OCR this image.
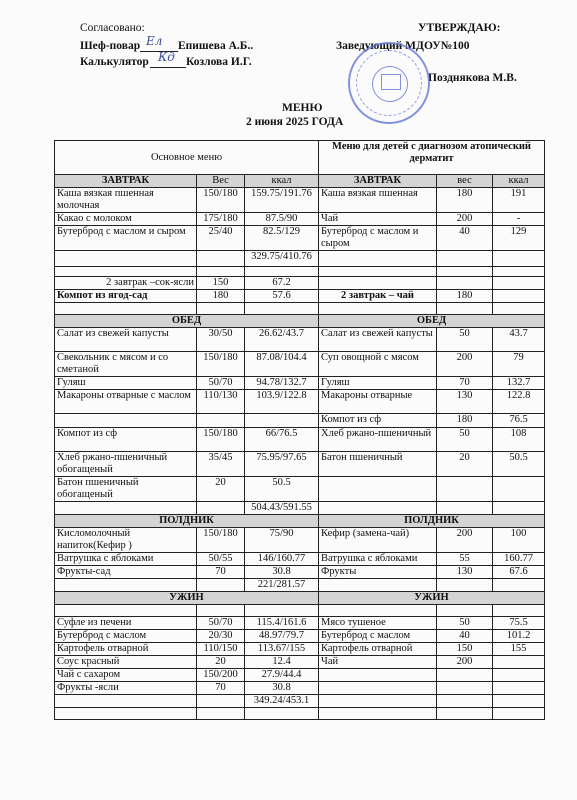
Согласовано:
Шеф-повар	Епишева А.Б..
Ел
Калькулятор	Козлова И.Г.
Кд
УТВЕРЖДАЮ:
Заведующий МДОУ№100
Позднякова М.В.
МЕНЮ
2 июня 2025 ГОДА
Основное меню			Меню для детей с диагнозом атопический дерматит		
ЗАВТРАК	Вес	ккал	ЗАВТРАК	вес	ккал
Каша вязкая пшенная молочная	150/180	159.75/191.76	Каша вязкая пшенная	180	191
Какао с молоком	175/180	87.5/90	Чай	200	-
Бутерброд с маслом и сыром	25/40	82.5/129	Бутерброд с маслом и сыром	40	129
		329.75/410.76			

2 завтрак –сок-ясли	150	67.2			
Компот из ягод-сад	180	57.6	2 завтрак – чай	180	

ОБЕД			ОБЕД		
Салат из свежей капусты	30/50	26.62/43.7	Салат из свежей капусты	50	43.7
Свекольник с мясом и со сметаной	150/180	87.08/104.4	Суп овощной с мясом	200	79
Гуляш	50/70	94.78/132.7	Гуляш	70	132.7
Макароны отварные с маслом	110/130	103.9/122.8	Макароны отварные	130	122.8
			Компот из сф	180	76.5
Компот из сф	150/180	66/76.5	Хлеб ржано-пшеничный	50	108
Хлеб ржано-пшеничный обогащеный	35/45	75.95/97.65	Батон пшеничный	20	50.5
Батон пшеничный обогащеный	20	50.5			
		504.43/591.55			
ПОЛДНИК			ПОЛДНИК		
Кисломолочный напиток(Кефир )	150/180	75/90	Кефир (замена-чай)	200	100
Ватрушка с яблоками	50/55	146/160.77	Ватрушка с яблоками	55	160.77
Фрукты-сад	70	30.8	Фрукты	130	67.6
		221/281.57			
УЖИН			УЖИН		

Суфле из печени	50/70	115.4/161.6	Мясо тушеное	50	75.5
Бутерброд с маслом	20/30	48.97/79.7	Бутерброд с маслом	40	101.2
Картофель отварной	110/150	113.67/155	Картофель отварной	150	155
Соус красный	20	12.4	Чай	200	
Чай с сахаром	150/200	27.9/44.4			
Фрукты -ясли	70	30.8			
		349.24/453.1			
